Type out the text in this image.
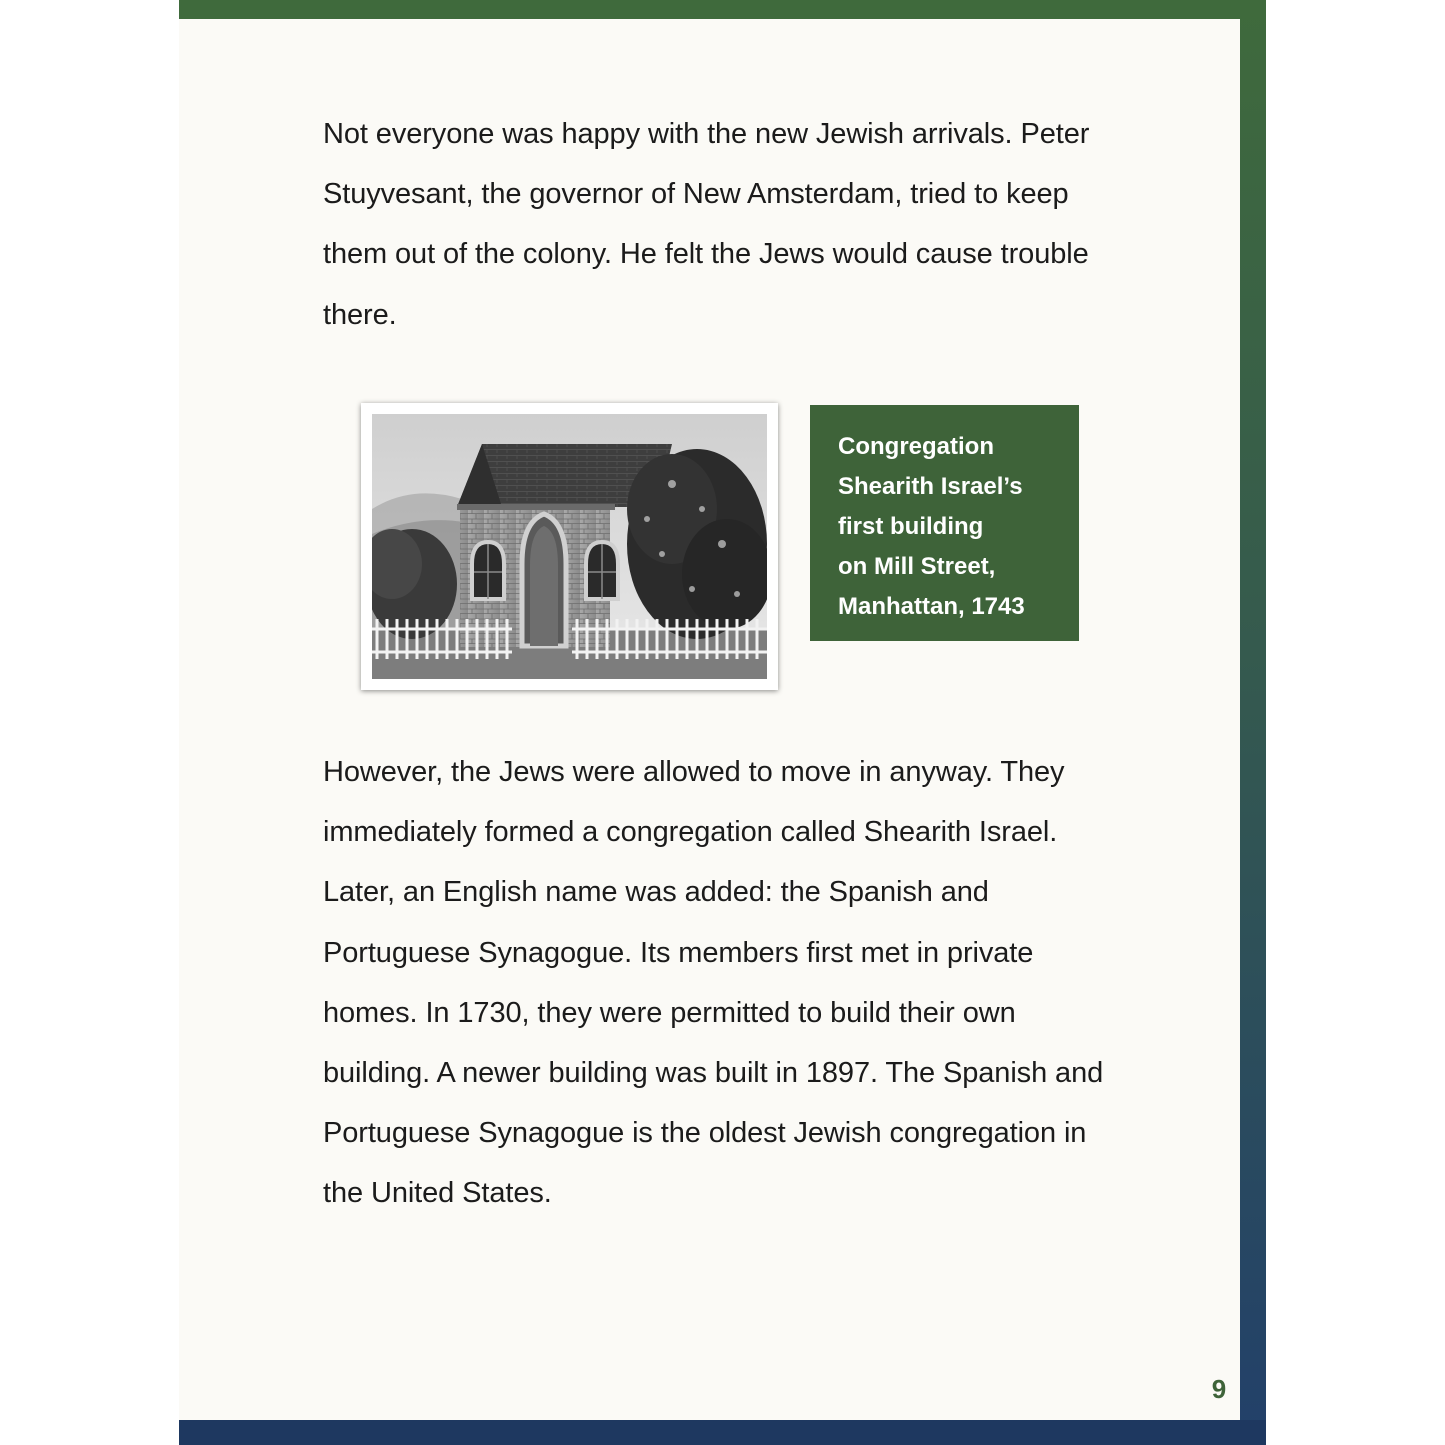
Not everyone was happy with the new Jewish arrivals. Peter Stuyvesant, the governor of New Amsterdam, tried to keep them out of the colony. He felt the Jews would cause trouble there.

Congregation
Shearith Israel’s
first building
on Mill Street,
Manhattan, 1743

However, the Jews were allowed to move in anyway. They immediately formed a congregation called Shearith Israel. Later, an English name was added: the Spanish and Portuguese Synagogue. Its members first met in private homes. In 1730, they were permitted to build their own building. A newer building was built in 1897. The Spanish and Portuguese Synagogue is the oldest Jewish congregation in the United States.

9
